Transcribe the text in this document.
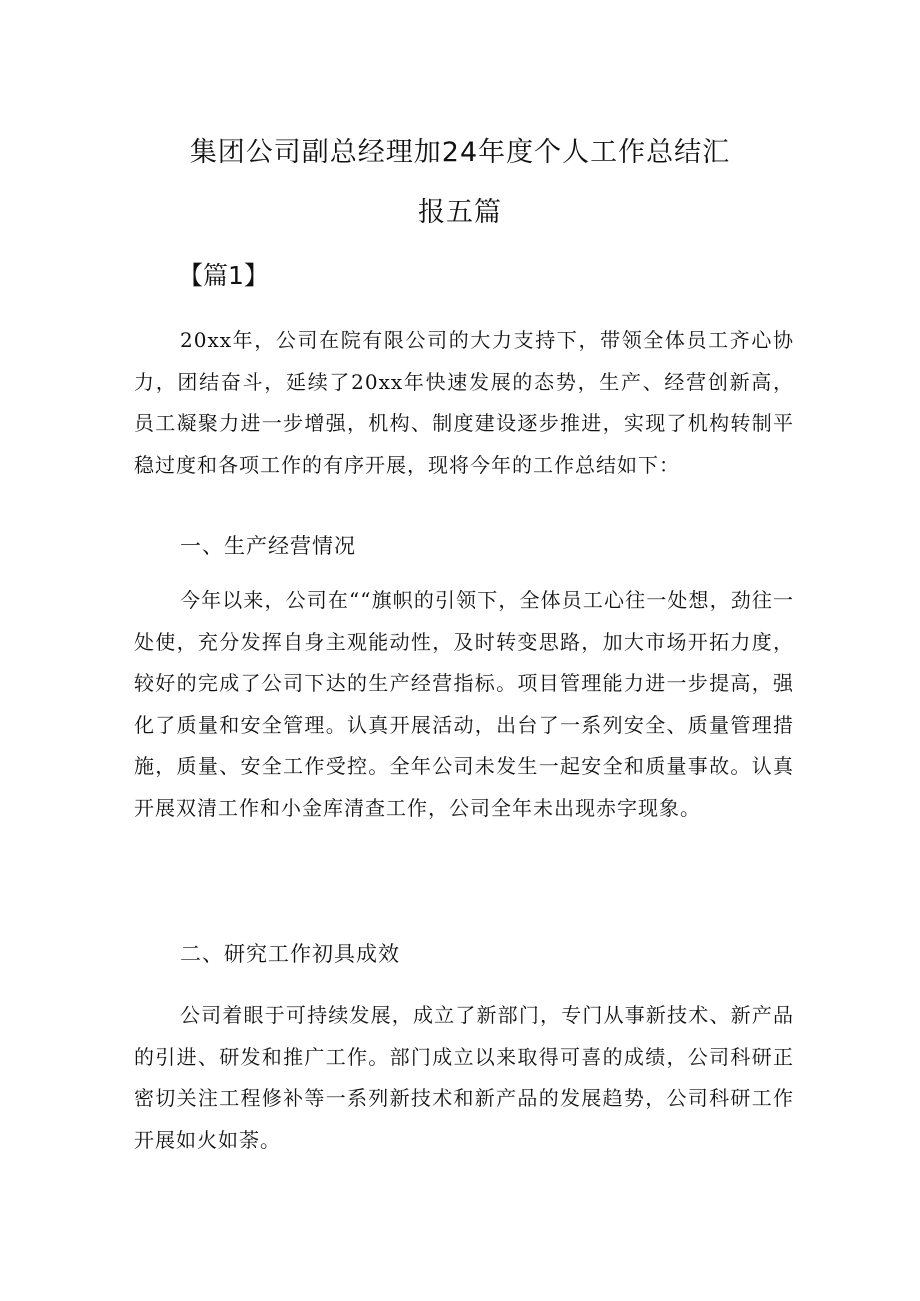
集团公司副总经理加24年度个人工作总结汇
报五篇
【篇1】

20xx年，公司在院有限公司的大力支持下，带领全体员工齐心协力，团结奋斗，延续了20xx年快速发展的态势，生产、经营创新高，员工凝聚力进一步增强，机构、制度建设逐步推进，实现了机构转制平稳过度和各项工作的有序开展，现将今年的工作总结如下：

一、生产经营情况

今年以来，公司在““旗帜的引领下，全体员工心往一处想，劲往一处使，充分发挥自身主观能动性，及时转变思路，加大市场开拓力度，较好的完成了公司下达的生产经营指标。项目管理能力进一步提高，强化了质量和安全管理。认真开展活动，出台了一系列安全、质量管理措施，质量、安全工作受控。全年公司未发生一起安全和质量事故。认真开展双清工作和小金库清查工作，公司全年未出现赤字现象。

二、研究工作初具成效

公司着眼于可持续发展，成立了新部门，专门从事新技术、新产品的引进、研发和推广工作。部门成立以来取得可喜的成绩，公司科研正密切关注工程修补等一系列新技术和新产品的发展趋势，公司科研工作开展如火如荼。
